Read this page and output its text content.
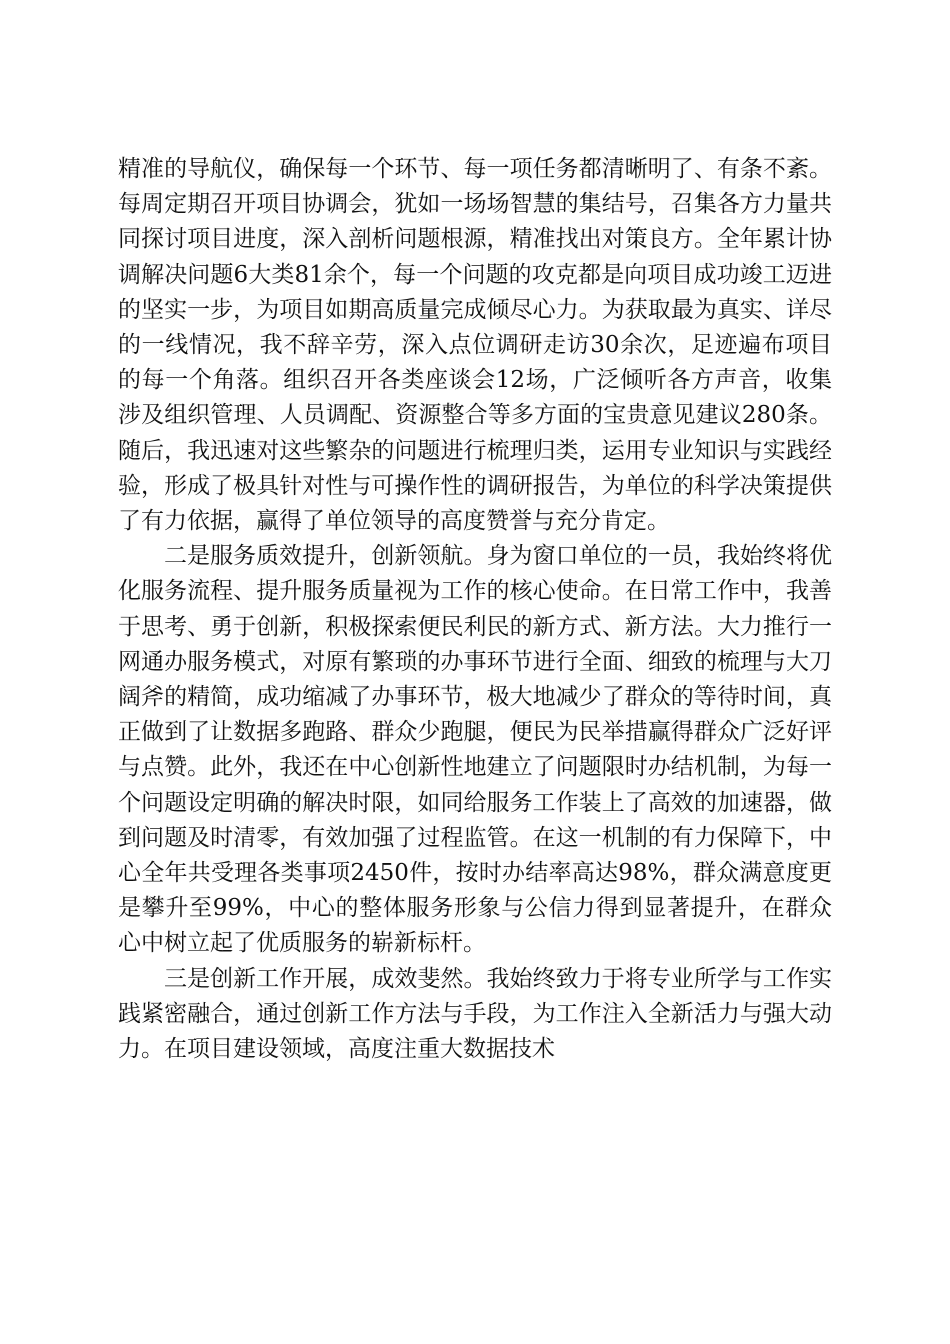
精准的导航仪，确保每一个环节、每一项任务都清晰明了、有条不紊。每周定期召开项目协调会，犹如一场场智慧的集结号，召集各方力量共同探讨项目进度，深入剖析问题根源，精准找出对策良方。全年累计协调解决问题6大类81余个，每一个问题的攻克都是向项目成功竣工迈进的坚实一步，为项目如期高质量完成倾尽心力。为获取最为真实、详尽的一线情况，我不辞辛劳，深入点位调研走访30余次，足迹遍布项目的每一个角落。组织召开各类座谈会12场，广泛倾听各方声音，收集涉及组织管理、人员调配、资源整合等多方面的宝贵意见建议280条。随后，我迅速对这些繁杂的问题进行梳理归类，运用专业知识与实践经验，形成了极具针对性与可操作性的调研报告，为单位的科学决策提供了有力依据，赢得了单位领导的高度赞誉与充分肯定。

二是服务质效提升，创新领航。身为窗口单位的一员，我始终将优化服务流程、提升服务质量视为工作的核心使命。在日常工作中，我善于思考、勇于创新，积极探索便民利民的新方式、新方法。大力推行一网通办服务模式，对原有繁琐的办事环节进行全面、细致的梳理与大刀阔斧的精简，成功缩减了办事环节，极大地减少了群众的等待时间，真正做到了让数据多跑路、群众少跑腿，便民为民举措赢得群众广泛好评与点赞。此外，我还在中心创新性地建立了问题限时办结机制，为每一个问题设定明确的解决时限，如同给服务工作装上了高效的加速器，做到问题及时清零，有效加强了过程监管。在这一机制的有力保障下，中心全年共受理各类事项2450件，按时办结率高达98%，群众满意度更是攀升至99%，中心的整体服务形象与公信力得到显著提升，在群众心中树立起了优质服务的崭新标杆。

三是创新工作开展，成效斐然。我始终致力于将专业所学与工作实践紧密融合，通过创新工作方法与手段，为工作注入全新活力与强大动力。在项目建设领域，高度注重大数据技术
